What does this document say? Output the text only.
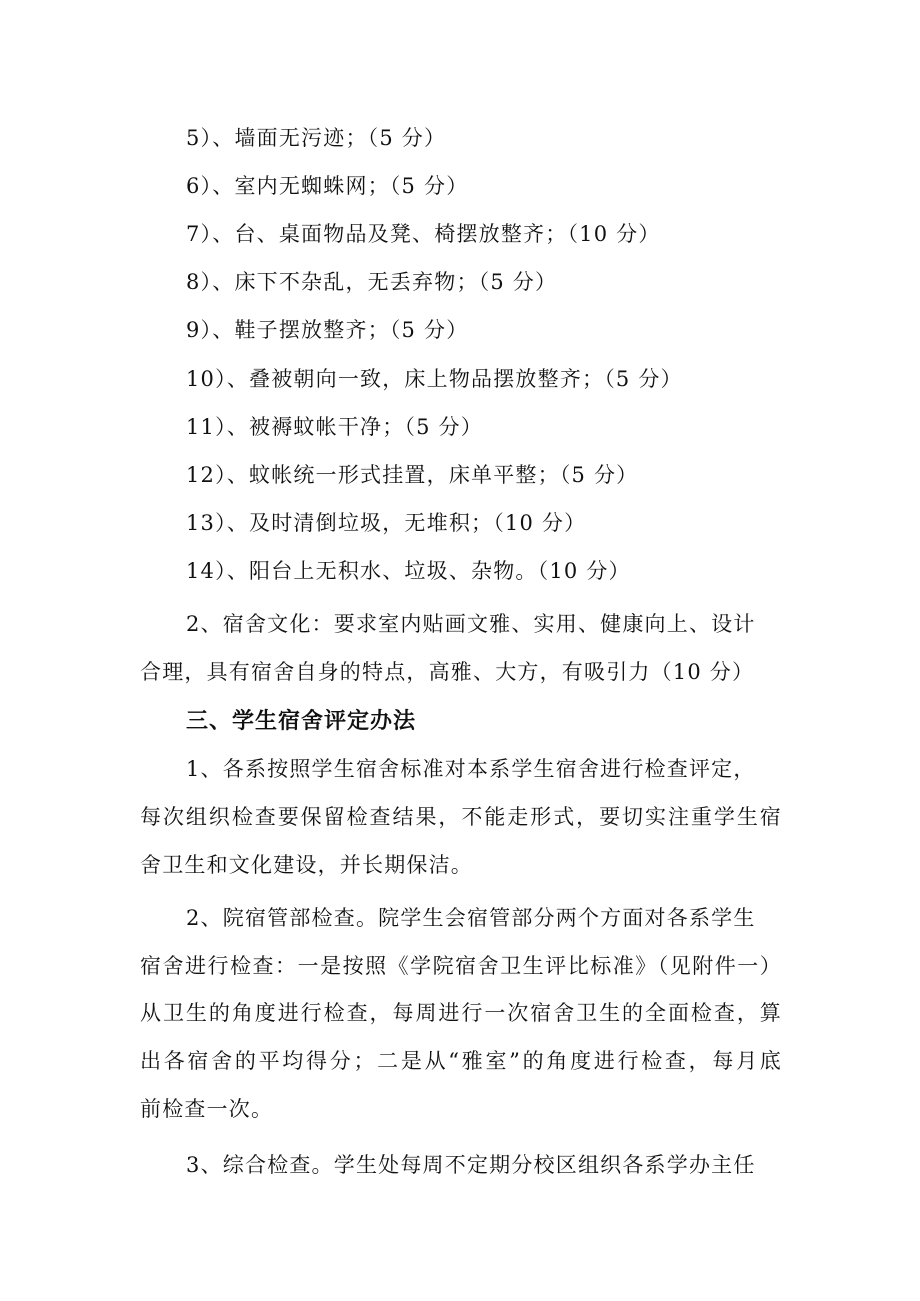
5）、墙面无污迹；（5 分）
6）、室内无蜘蛛网；（5 分）
7）、台、桌面物品及凳、椅摆放整齐；（10 分）
8）、床下不杂乱，无丢弃物；（5 分）
9）、鞋子摆放整齐；（5 分）
10）、叠被朝向一致，床上物品摆放整齐；（5 分）
11）、被褥蚊帐干净；（5 分）
12）、蚊帐统一形式挂置，床单平整；（5 分）
13）、及时清倒垃圾，无堆积；（10 分）
14）、阳台上无积水、垃圾、杂物。（10 分）
2、宿舍文化：要求室内贴画文雅、实用、健康向上、设计
合理，具有宿舍自身的特点，高雅、大方，有吸引力（10 分）
三、学生宿舍评定办法
1、各系按照学生宿舍标准对本系学生宿舍进行检查评定，
每次组织检查要保留检查结果，不能走形式，要切实注重学生宿
舍卫生和文化建设，并长期保洁。
2、院宿管部检查。院学生会宿管部分两个方面对各系学生
宿舍进行检查：一是按照《学院宿舍卫生评比标准》（见附件一）
从卫生的角度进行检查，每周进行一次宿舍卫生的全面检查，算
出各宿舍的平均得分；二是从“雅室”的角度进行检查，每月底
前检查一次。
3、综合检查。学生处每周不定期分校区组织各系学办主任
